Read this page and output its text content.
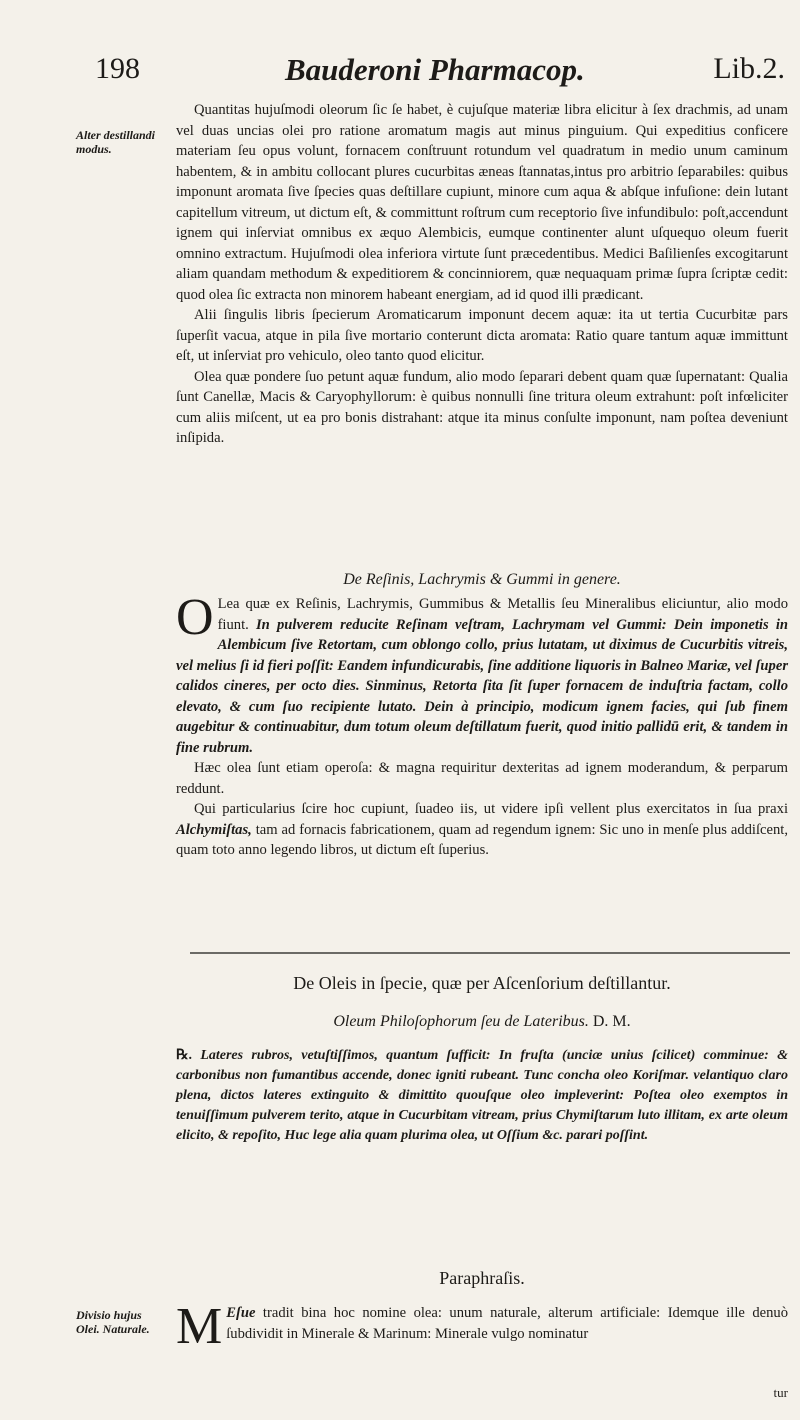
198	Bauderoni Pharmacop.	Lib.2.
Alter destillandi modus.

Quantitas hujuſmodi oleorum ſic ſe habet, è cujuſque materiæ libra elicitur à ſex drachmis, ad unam vel duas uncias olei pro ratione aromatum magis aut minus pinguium. Qui expeditius conficere materiam ſeu opus volunt, fornacem conſtruunt rotundum vel quadratum in medio unum caminum habentem, & in ambitu collocant plures cucurbitas æneas ſtannatas,intus pro arbitrio ſeparabiles: quibus imponunt aromata ſive ſpecies quas deſtillare cupiunt, minore cum aqua & abſque infuſione: dein lutant capitellum vitreum, ut dictum eſt, & committunt roſtrum cum receptorio ſive infundibulo: poſt,accendunt ignem qui inſerviat omnibus ex æquo Alembicis, eumque continenter alunt uſquequo oleum fuerit omnino extractum. Hujuſmodi olea inferiora virtute ſunt præcedentibus. Medici Baſilienſes excogitarunt aliam quandam methodum & expeditiorem & concinniorem, quæ nequaquam primæ ſupra ſcriptæ cedit: quod olea ſic extracta non minorem habeant energiam, ad id quod illi prædicant.

Alii ſingulis libris ſpecierum Aromaticarum imponunt decem aquæ: ita ut tertia Cucurbitæ pars ſuperſit vacua, atque in pila ſive mortario conterunt dicta aromata: Ratio quare tantum aquæ immittunt eſt, ut inſerviat pro vehiculo, oleo tanto quod elicitur.

Olea quæ pondere ſuo petunt aquæ fundum, alio modo ſeparari debent quam quæ ſupernatant: Qualia ſunt Canellæ, Macis & Caryophyllorum: è quibus nonnulli ſine tritura oleum extrahunt: poſt infœliciter cum aliis miſcent, ut ea pro bonis distrahant: atque ita minus conſulte imponunt, nam poſtea deveniunt inſipida.

De Reſinis, Lachrymis & Gummi in genere.

O Lea quæ ex Reſinis, Lachrymis, Gummibus & Metallis ſeu Mineralibus eliciuntur, alio modo fiunt. In pulverem reducite Reſinam veſtram, Lachrymam vel Gummi: Dein imponetis in Alembicum ſive Retortam, cum oblongo collo, prius lutatam, ut diximus de Cucurbitis vitreis, vel melius ſi id fieri poſſit: Eandem infundicurabis, ſine additione liquoris in Balneo Mariæ, vel ſuper calidos cineres, per octo dies. Sinminus, Retorta ſita ſit ſuper fornacem de induſtria factam, collo elevato, & cum ſuo recipiente lutato. Dein à principio, modicum ignem facies, qui ſub finem augebitur & continuabitur, dum totum oleum deſtillatum fuerit, quod initio pallidū erit, & tandem in fine rubrum.

Hæc olea ſunt etiam operoſa: & magna requiritur dexteritas ad ignem moderandum, & perparum reddunt.

Qui particularius ſcire hoc cupiunt, ſuadeo iis, ut videre ipſi vellent plus exercitatos in ſua praxi Alchymiſtas, tam ad fornacis fabricationem, quam ad regendum ignem: Sic uno in menſe plus addiſcent, quam toto anno legendo libros, ut dictum eſt ſuperius.

De Oleis in ſpecie, quæ per Aſcenſorium deſtillantur.
Oleum Philoſophorum ſeu de Lateribus. D. M.
℞. Lateres rubros, vetuſtiſſimos, quantum ſufficit: In fruſta (unciæ unius ſcilicet) comminue: & carbonibus non fumantibus accende, donec igniti rubeant. Tunc concha oleo Koriſmar. velantiquo claro plena, dictos lateres extinguito & dimittito quouſque oleo impleverint: Poſtea oleo exemptos in tenuiſſimum pulverem terito, atque in Cucurbitam vitream, prius Chymiſtarum luto illitam, ex arte oleum elicito, & repoſito, Huc lege alia quam plurima olea, ut Oſſium &c. parari poſſint.
Paraphraſis.
Divisio hujus Olei. Naturale. M Eſue tradit bina hoc nomine olea: unum naturale, alterum artificiale: Idemque ille denuò ſubdividit in Minerale & Marinum: Minerale vulgo nominatur
tur
